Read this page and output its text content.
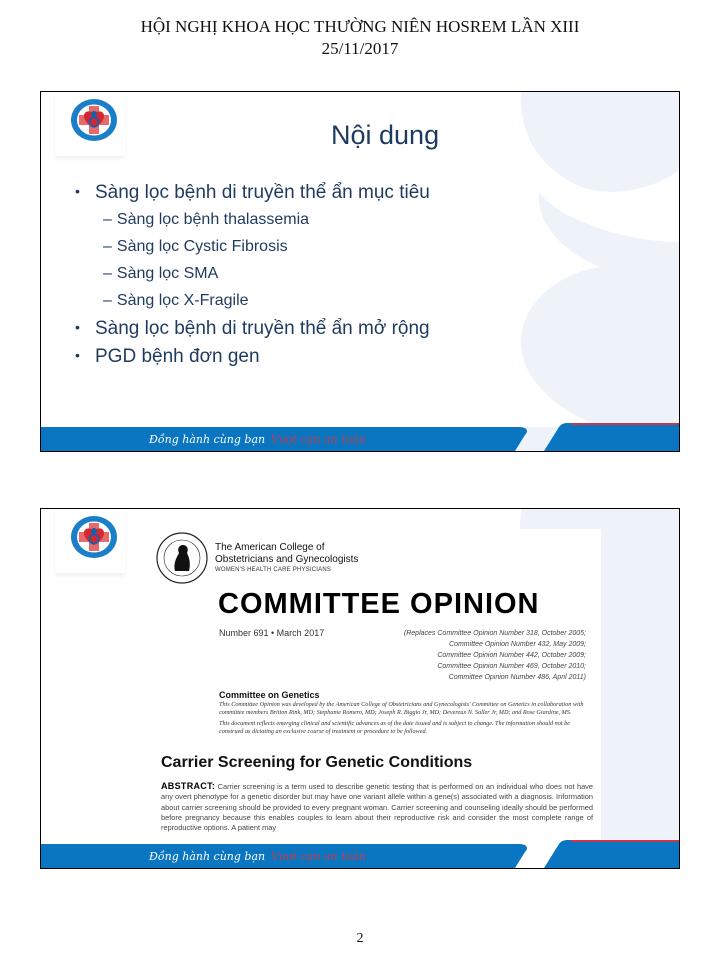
HỘI NGHỊ KHOA HỌC THƯỜNG NIÊN HOSREM LẦN XIII
25/11/2017
Nội dung
• Sàng lọc bệnh di truyền thể ẩn mục tiêu
– Sàng lọc bệnh thalassemia
– Sàng lọc Cystic Fibrosis
– Sàng lọc SMA
– Sàng lọc X-Fragile
• Sàng lọc bệnh di truyền thể ẩn mở rộng
• PGD bệnh đơn gen
Đồng hành cùng bạn Vượt cạn an toàn
The American College of
Obstetricians and Gynecologists
WOMEN'S HEALTH CARE PHYSICIANS
COMMITTEE OPINION
Number 691 • March 2017	(Replaces Committee Opinion Number 318, October 2005;
Committee Opinion Number 432, May 2009;
Committee Opinion Number 442, October 2009;
Committee Opinion Number 469, October 2010;
Committee Opinion Number 486, April 2011)
Committee on Genetics

This Committee Opinion was developed by the American College of Obstetricians and Gynecologists' Committee on Genetics in collaboration with committee members Britton Rink, MD; Stephanie Romero, MD; Joseph R. Biggio Jr, MD; Devereux N. Saller Jr, MD; and Rose Giardine, MS.

This document reflects emerging clinical and scientific advances as of the date issued and is subject to change. The information should not be construed as dictating an exclusive course of treatment or procedure to be followed.

Carrier Screening for Genetic Conditions
ABSTRACT: Carrier screening is a term used to describe genetic testing that is performed on an individual who does not have any overt phenotype for a genetic disorder but may have one variant allele within a gene(s) associated with a diagnosis. Information about carrier screening should be provided to every pregnant woman. Carrier screening and counseling ideally should be performed before pregnancy because this enables couples to learn about their reproductive risk and consider the most complete range of reproductive options. A patient may
Đồng hành cùng bạn Vượt cạn an toàn
2
